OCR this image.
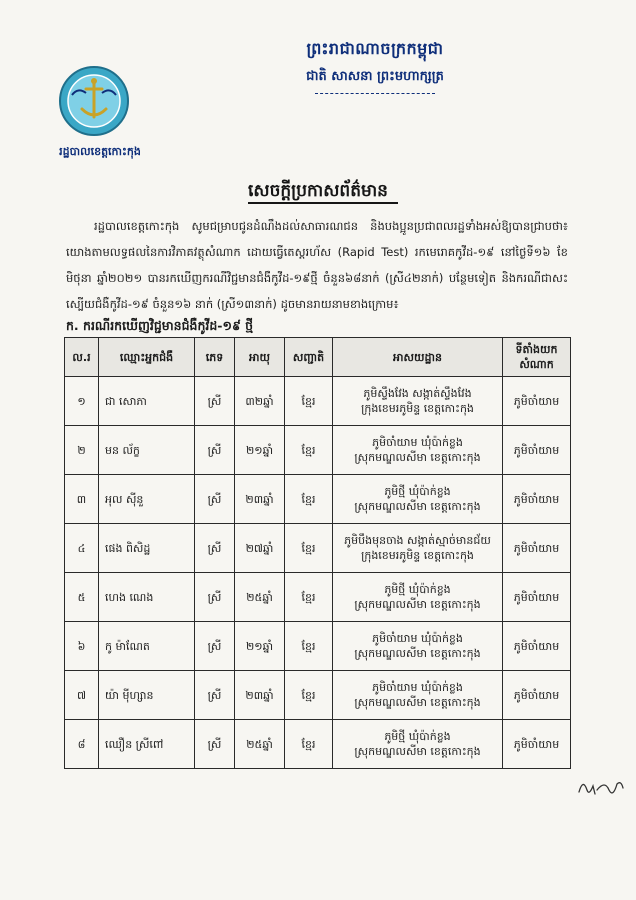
ព្រះរាជាណាចក្រកម្ពុជា
ជាតិ សាសនា ព្រះមហាក្សត្រ
រដ្ឋបាលខេត្តកោះកុង
សេចក្តីប្រកាសព័ត៌មាន
រដ្ឋបាលខេត្តកោះកុង សូមជម្រាបជូនដំណឹងដល់សាធារណជន និងបងប្អូនប្រជាពលរដ្ឋទាំងអស់ឱ្យបានជ្រាបថា៖ យោងតាមលទ្ធផលនៃការវិភាគវត្ថុសំណាក ដោយធ្វើតេស្តរហ័ស (Rapid Test) រកមេរោគកូវីដ-១៩ នៅថ្ងៃទី១៦ ខែមិថុនា ឆ្នាំ២០២១ បានរកឃើញករណីវិជ្ជមានជំងឺកូវីដ-១៩ថ្មី ចំនួន៦៨នាក់ (ស្រី៤២នាក់) បន្ថែមទៀត និងករណីជាសះស្បើយជំងឺកូវីដ-១៩ ចំនួន១៦ នាក់ (ស្រី១៣នាក់) ដូចមានរាយនាមខាងក្រោម៖
ក. ករណីរកឃើញវិជ្ជមានជំងឺកូវីដ-១៩ ថ្មី
ល.រ	ឈ្មោះអ្នកជំងឺ	ភេទ	អាយុ	សញ្ជាតិ	អាសយដ្ឋាន	ទីតាំងយកសំណាក
១	ជា សោភា	ស្រី	៣២ឆ្នាំ	ខ្មែរ	ភូមិស្ទឹងវែង សង្កាត់ស្ទឹងវែង
ក្រុងខេមរភូមិន្ទ ខេត្តកោះកុង	ភូមិចាំយាម
២	មន ល័ក្ខ	ស្រី	២១ឆ្នាំ	ខ្មែរ	ភូមិចាំយាម ឃុំប៉ាក់ខ្លង
ស្រុកមណ្ឌលសីមា ខេត្តកោះកុង	ភូមិចាំយាម
៣	អុល ស៊ីនួ	ស្រី	២៣ឆ្នាំ	ខ្មែរ	ភូមិថ្មី ឃុំប៉ាក់ខ្លង
ស្រុកមណ្ឌលសីមា ខេត្តកោះកុង	ភូមិចាំយាម
៤	ផេង ពិសិដ្ឋ	ស្រី	២៧ឆ្នាំ	ខ្មែរ	ភូមិបឹងមុនចាង សង្កាត់ស្មាច់មានជ័យ
ក្រុងខេមរភូមិន្ទ ខេត្តកោះកុង	ភូមិចាំយាម
៥	ហេង ណេង	ស្រី	២៥ឆ្នាំ	ខ្មែរ	ភូមិថ្មី ឃុំប៉ាក់ខ្លង
ស្រុកមណ្ឌលសីមា ខេត្តកោះកុង	ភូមិចាំយាម
៦	កូ ម៉ាណែត	ស្រី	២១ឆ្នាំ	ខ្មែរ	ភូមិចាំយាម ឃុំប៉ាក់ខ្លង
ស្រុកមណ្ឌលសីមា ខេត្តកោះកុង	ភូមិចាំយាម
៧	យ៉ា ម៉ីហ្សាន	ស្រី	២៣ឆ្នាំ	ខ្មែរ	ភូមិចាំយាម ឃុំប៉ាក់ខ្លង
ស្រុកមណ្ឌលសីមា ខេត្តកោះកុង	ភូមិចាំយាម
៨	ឈឿន ស្រីពៅ	ស្រី	២៥ឆ្នាំ	ខ្មែរ	ភូមិថ្មី ឃុំប៉ាក់ខ្លង
ស្រុកមណ្ឌលសីមា ខេត្តកោះកុង	ភូមិចាំយាម
